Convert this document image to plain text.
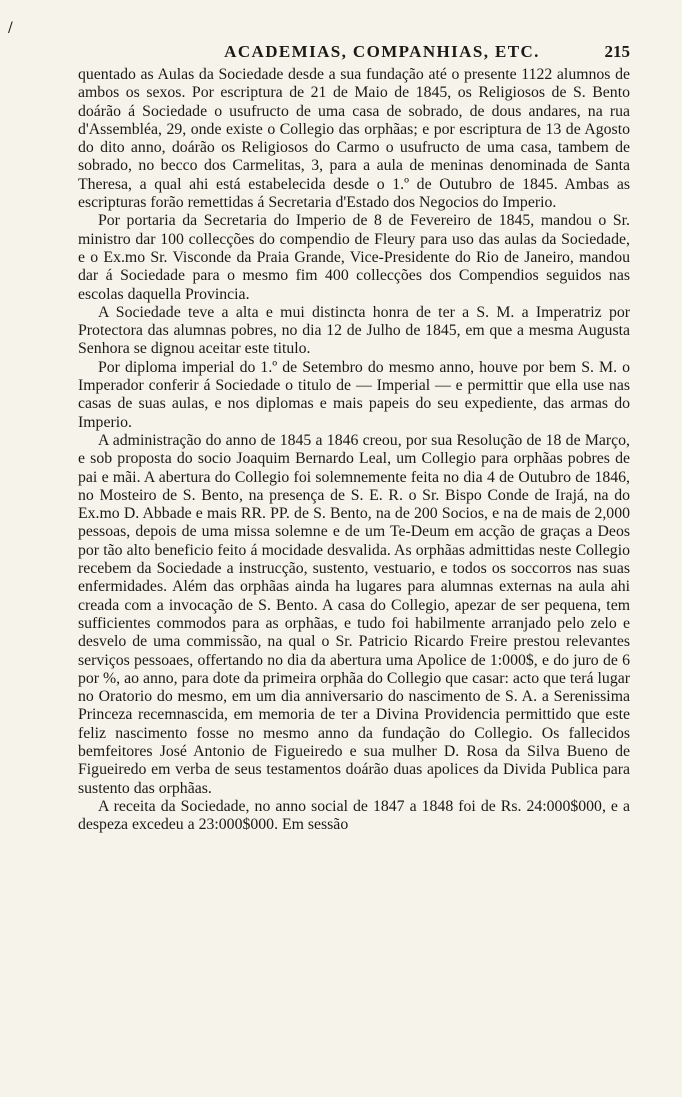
/
ACADEMIAS, COMPANHIAS, ETC.	215

quentado as Aulas da Sociedade desde a sua fundação até o presente 1122 alumnos de ambos os sexos. Por escriptura de 21 de Maio de 1845, os Religiosos de S. Bento doárão á Sociedade o usufructo de uma casa de sobrado, de dous andares, na rua d'Assembléa, 29, onde existe o Collegio das orphãas; e por escriptura de 13 de Agosto do dito anno, doárão os Religiosos do Carmo o usufructo de uma casa, tambem de sobrado, no becco dos Carmelitas, 3, para a aula de meninas denominada de Santa Theresa, a qual ahi está estabelecida desde o 1.º de Outubro de 1845. Ambas as escripturas forão remettidas á Secretaria d'Estado dos Negocios do Imperio.

Por portaria da Secretaria do Imperio de 8 de Fevereiro de 1845, mandou o Sr. ministro dar 100 collecções do compendio de Fleury para uso das aulas da Sociedade, e o Ex.mo Sr. Visconde da Praia Grande, Vice-Presidente do Rio de Janeiro, mandou dar á Sociedade para o mesmo fim 400 collecções dos Compendios seguidos nas escolas daquella Provincia.

A Sociedade teve a alta e mui distincta honra de ter a S. M. a Imperatriz por Protectora das alumnas pobres, no dia 12 de Julho de 1845, em que a mesma Augusta Senhora se dignou aceitar este titulo.

Por diploma imperial do 1.º de Setembro do mesmo anno, houve por bem S. M. o Imperador conferir á Sociedade o titulo de — Imperial — e permittir que ella use nas casas de suas aulas, e nos diplomas e mais papeis do seu expediente, das armas do Imperio.

A administração do anno de 1845 a 1846 creou, por sua Resolução de 18 de Março, e sob proposta do socio Joaquim Bernardo Leal, um Collegio para orphãas pobres de pai e mãi. A abertura do Collegio foi solemnemente feita no dia 4 de Outubro de 1846, no Mosteiro de S. Bento, na presença de S. E. R. o Sr. Bispo Conde de Irajá, na do Ex.mo D. Abbade e mais RR. PP. de S. Bento, na de 200 Socios, e na de mais de 2,000 pessoas, depois de uma missa solemne e de um Te-Deum em acção de graças a Deos por tão alto beneficio feito á mocidade desvalida. As orphãas admittidas neste Collegio recebem da Sociedade a instrucção, sustento, vestuario, e todos os soccorros nas suas enfermidades. Além das orphãas ainda ha lugares para alumnas externas na aula ahi creada com a invocação de S. Bento. A casa do Collegio, apezar de ser pequena, tem sufficientes commodos para as orphãas, e tudo foi habilmente arranjado pelo zelo e desvelo de uma commissão, na qual o Sr. Patricio Ricardo Freire prestou relevantes serviços pessoaes, offertando no dia da abertura uma Apolice de 1:000$, e do juro de 6 por %, ao anno, para dote da primeira orphãa do Collegio que casar: acto que terá lugar no Oratorio do mesmo, em um dia anniversario do nascimento de S. A. a Serenissima Princeza recemnascida, em memoria de ter a Divina Providencia permittido que este feliz nascimento fosse no mesmo anno da fundação do Collegio. Os fallecidos bemfeitores José Antonio de Figueiredo e sua mulher D. Rosa da Silva Bueno de Figueiredo em verba de seus testamentos doárão duas apolices da Divida Publica para sustento das orphãas.

A receita da Sociedade, no anno social de 1847 a 1848 foi de Rs. 24:000$000, e a despeza excedeu a 23:000$000. Em sessão
